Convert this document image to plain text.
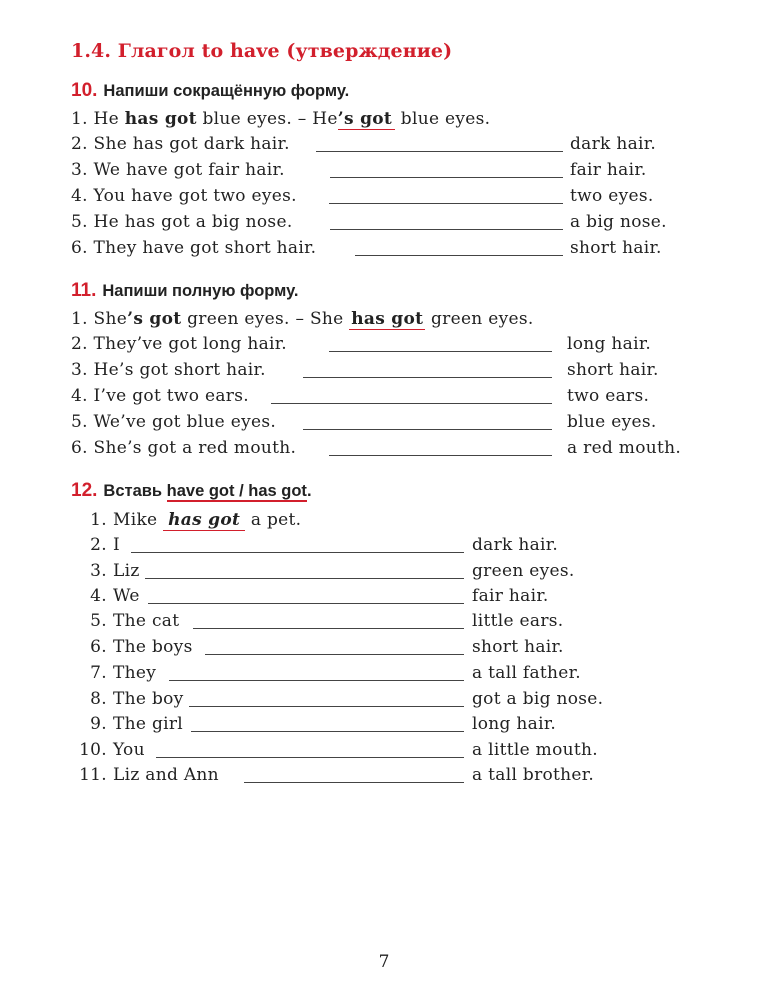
1.4. Глагол to have (утверждение)
10. Напиши сокращённую форму.
1. He has got blue eyes. – He’s got blue eyes.
2. She has got dark hair.	dark hair.
3. We have got fair hair.	fair hair.
4. You have got two eyes.	two eyes.
5. He has got a big nose.	a big nose.
6. They have got short hair.	short hair.
11. Напиши полную форму.
1. She’s got green eyes. – She has got green eyes.
2. They’ve got long hair.	long hair.
3. He’s got short hair.	short hair.
4. I’ve got two ears.	two ears.
5. We’ve got blue eyes.	blue eyes.
6. She’s got a red mouth.	a red mouth.
12. Вставь have got / has got.
1. Mike has got a pet.
2. I	dark hair.
3. Liz	green eyes.
4. We	fair hair.
5. The cat	little ears.
6. The boys	short hair.
7. They	a tall father.
8. The boy	got a big nose.
9. The girl	long hair.
10. You	a little mouth.
11. Liz and Ann	a tall brother.
7
